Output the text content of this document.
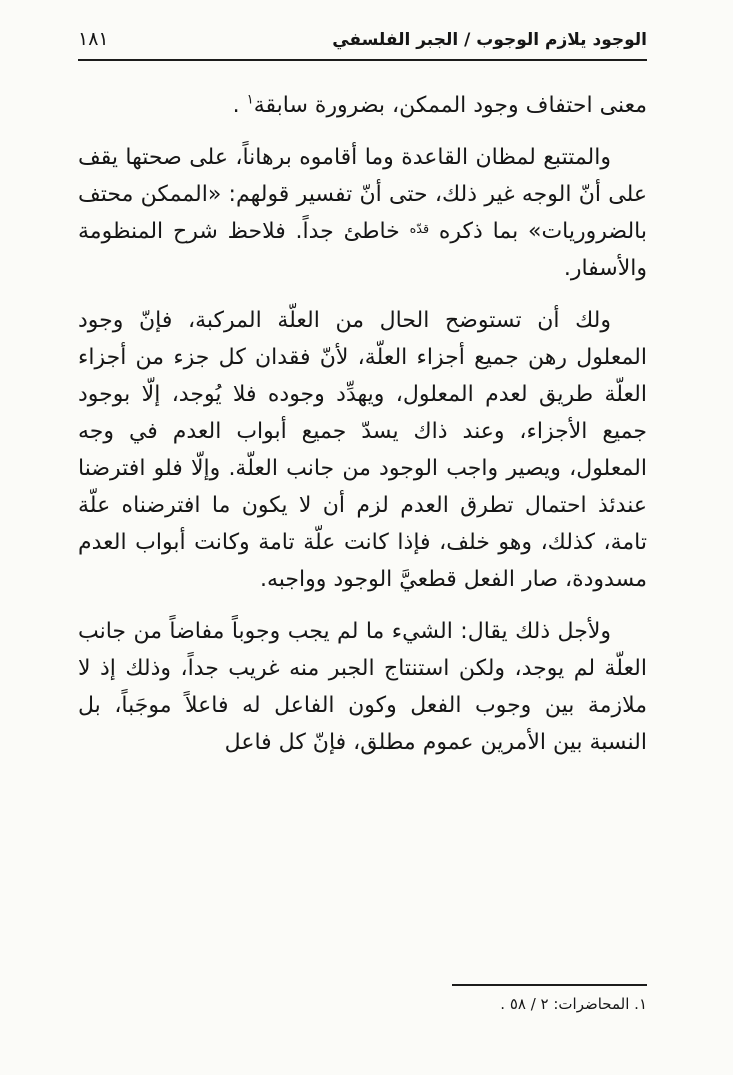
الوجود يلازم الوجوب / الجبر الفلسفي
١٨١

معنى احتفاف وجود الممكن، بضرورة سابقة$^١$ .

والمتتبع لمظان القاعدة وما أقاموه برهاناً، على صحتها يقف على أنّ الوجه غير ذلك، حتى أنّ تفسير قولهم: «الممكن محتف بالضروريات» بما ذكره $^{قدّه}$ خاطئ جداً. فلاحظ شرح المنظومة والأسفار.

ولك أن تستوضح الحال من العلّة المركبة، فإنّ وجود المعلول رهن جميع أجزاء العلّة، لأنّ فقدان كل جزء من أجزاء العلّة طريق لعدم المعلول، ويهدِّد وجوده فلا يُوجد، إلّا بوجود جميع الأجزاء، وعند ذاك يسدّ جميع أبواب العدم في وجه المعلول، ويصير واجب الوجود من جانب العلّة. وإلّا فلو افترضنا عندئذ احتمال تطرق العدم لزم أن لا يكون ما افترضناه علّة تامة، كذلك، وهو خلف، فإذا كانت علّة تامة وكانت أبواب العدم مسدودة، صار الفعل قطعيَّ الوجود وواجبه.

ولأجل ذلك يقال: الشيء ما لم يجب وجوباً مفاضاً من جانب العلّة لم يوجد، ولكن استنتاج الجبر منه غريب جداً، وذلك إذ لا ملازمة بين وجوب الفعل وكون الفاعل له فاعلاً موجَباً، بل النسبة بين الأمرين عموم مطلق، فإنّ كل فاعل

١. المحاضرات: ٢ / ٥٨ .
